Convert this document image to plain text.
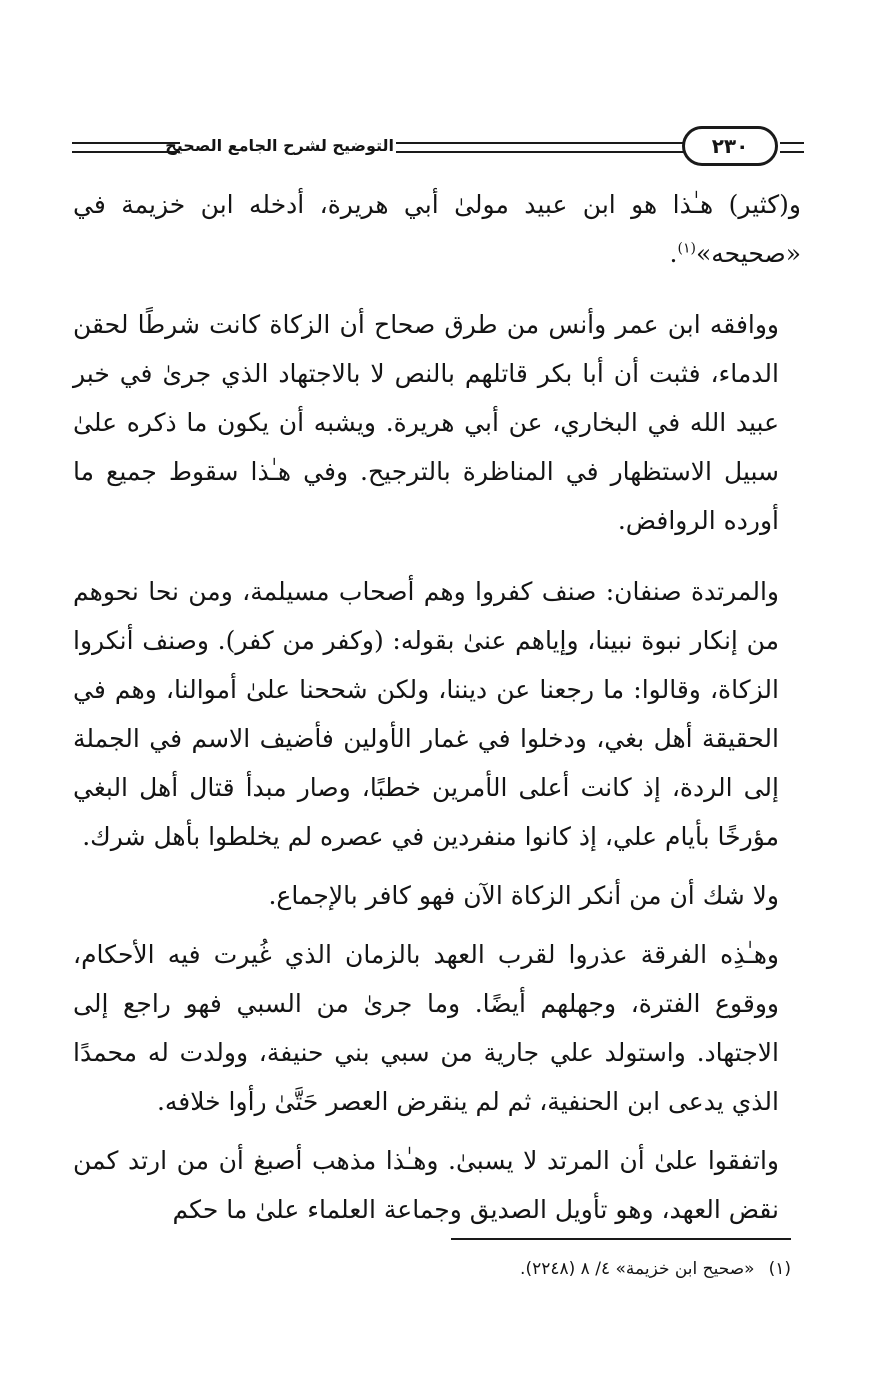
التوضيح لشرح الجامع الصحيح	٢٣٠

و(كثير) هـٰذا هو ابن عبيد مولىٰ أبي هريرة، أدخله ابن خزيمة في «صحيحه»$^{(١)}$.

ووافقه ابن عمر وأنس من طرق صحاح أن الزكاة كانت شرطًا لحقن الدماء، فثبت أن أبا بكر قاتلهم بالنص لا بالاجتهاد الذي جرىٰ في خبر عبيد الله في البخاري، عن أبي هريرة. ويشبه أن يكون ما ذكره علىٰ سبيل الاستظهار في المناظرة بالترجيح. وفي هـٰذا سقوط جميع ما أورده الروافض.

والمرتدة صنفان: صنف كفروا وهم أصحاب مسيلمة، ومن نحا نحوهم من إنكار نبوة نبينا، وإياهم عنىٰ بقوله: (وكفر من كفر). وصنف أنكروا الزكاة، وقالوا: ما رجعنا عن ديننا، ولكن شححنا علىٰ أموالنا، وهم في الحقيقة أهل بغي، ودخلوا في غمار الأولين فأضيف الاسم في الجملة إلى الردة، إذ كانت أعلى الأمرين خطبًا، وصار مبدأ قتال أهل البغي مؤرخًا بأيام علي، إذ كانوا منفردين في عصره لم يخلطوا بأهل شرك.

ولا شك أن من أنكر الزكاة الآن فهو كافر بالإجماع.

وهـٰذِه الفرقة عذروا لقرب العهد بالزمان الذي غُيرت فيه الأحكام، ووقوع الفترة، وجهلهم أيضًا. وما جرىٰ من السبي فهو راجع إلى الاجتهاد. واستولد علي جارية من سبي بني حنيفة، وولدت له محمدًا الذي يدعى ابن الحنفية، ثم لم ينقرض العصر حَتَّىٰ رأوا خلافه.

واتفقوا علىٰ أن المرتد لا يسبىٰ. وهـٰذا مذهب أصبغ أن من ارتد كمن نقض العهد، وهو تأويل الصديق وجماعة العلماء علىٰ ما حكم

(١)«صحيح ابن خزيمة» ٤/ ٨ (٢٢٤٨).
